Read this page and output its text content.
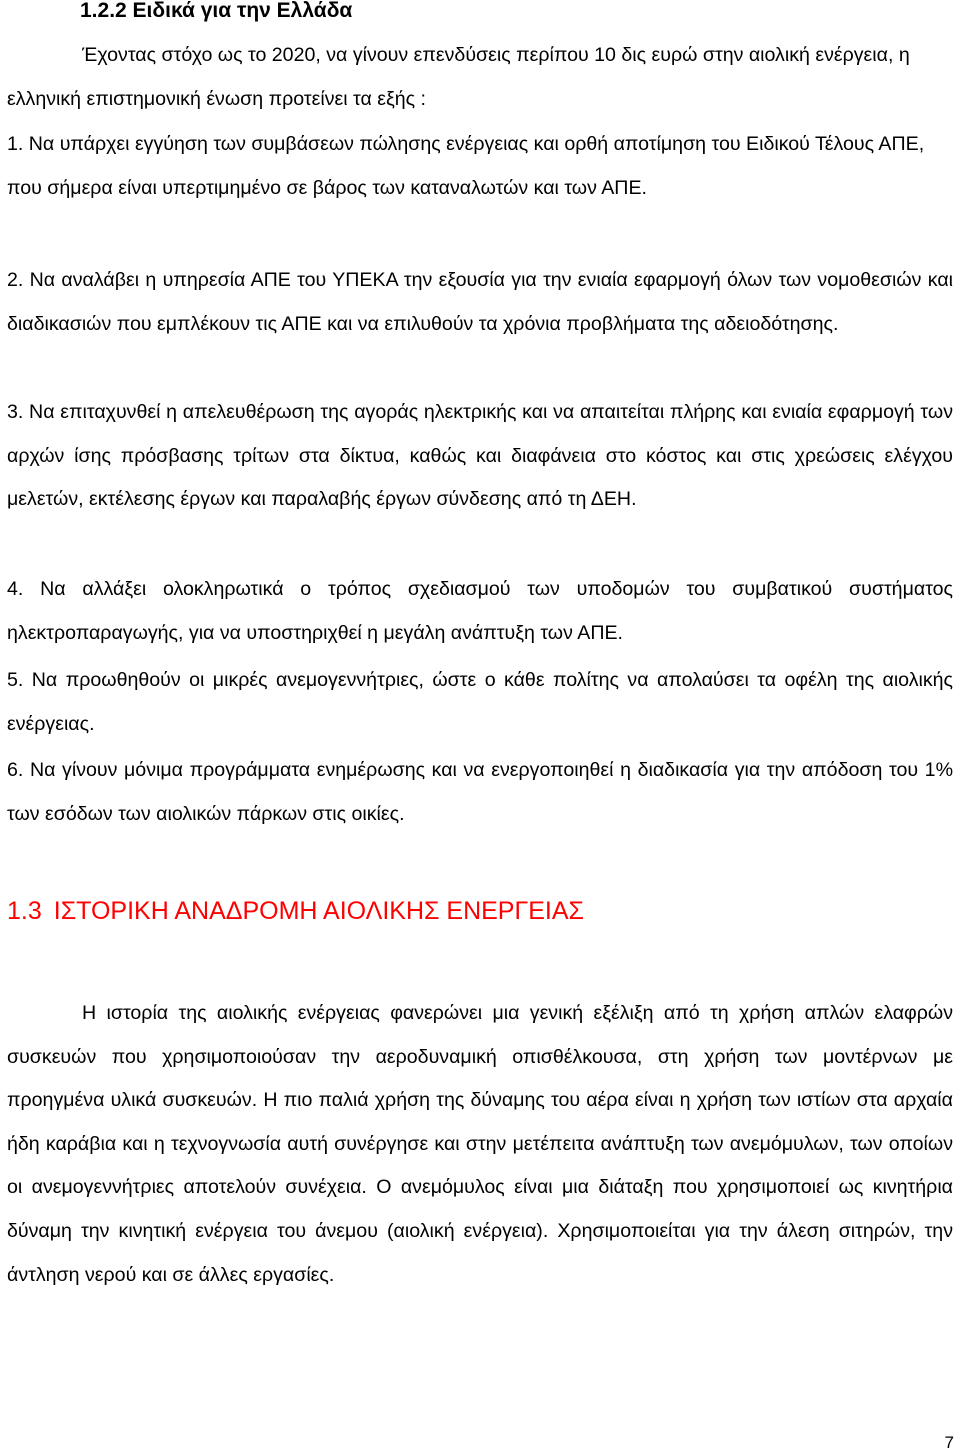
1.2.2 Ειδικά για την Ελλάδα

Έχοντας στόχο ως το 2020, να γίνουν επενδύσεις περίπου 10 δις ευρώ στην αιολική ενέργεια, η ελληνική επιστημονική ένωση προτείνει τα εξής :

1. Να υπάρχει εγγύηση των συμβάσεων πώλησης ενέργειας και ορθή αποτίμηση του Ειδικού Τέλους ΑΠΕ, που σήμερα είναι υπερτιμημένο σε βάρος των καταναλωτών και των ΑΠΕ.

2. Να αναλάβει η υπηρεσία ΑΠΕ του ΥΠΕΚΑ την εξουσία για την ενιαία εφαρμογή όλων των νομοθεσιών και διαδικασιών που εμπλέκουν τις ΑΠΕ και να επιλυθούν τα χρόνια προβλήματα της αδειοδότησης.

3. Να επιταχυνθεί η απελευθέρωση της αγοράς ηλεκτρικής και να απαιτείται πλήρης και ενιαία εφαρμογή των αρχών ίσης πρόσβασης τρίτων στα δίκτυα, καθώς και διαφάνεια στο κόστος και στις χρεώσεις ελέγχου μελετών, εκτέλεσης έργων και παραλαβής έργων σύνδεσης από τη ΔΕΗ.

4. Να αλλάξει ολοκληρωτικά ο τρόπος σχεδιασμού των υποδομών του συμβατικού συστήματος ηλεκτροπαραγωγής, για να υποστηριχθεί η μεγάλη ανάπτυξη των ΑΠΕ.

5. Να προωθηθούν οι μικρές ανεμογεννήτριες, ώστε ο κάθε πολίτης να απολαύσει τα οφέλη της αιολικής ενέργειας.

6. Να γίνουν μόνιμα προγράμματα ενημέρωσης και να ενεργοποιηθεί η διαδικασία για την απόδοση του 1% των εσόδων των αιολικών πάρκων στις οικίες.

1.3 ΙΣΤΟΡΙΚΗ ΑΝΑΔΡΟΜΗ ΑΙΟΛΙΚΗΣ ΕΝΕΡΓΕΙΑΣ

Η ιστορία της αιολικής ενέργειας φανερώνει μια γενική εξέλιξη από τη χρήση απλών ελαφρών συσκευών που χρησιμοποιούσαν την αεροδυναμική οπισθέλκουσα, στη χρήση των μοντέρνων με προηγμένα υλικά συσκευών. Η πιο παλιά χρήση της δύναμης του αέρα είναι η χρήση των ιστίων στα αρχαία ήδη καράβια και η τεχνογνωσία αυτή συνέργησε και στην μετέπειτα ανάπτυξη των ανεμόμυλων, των οποίων οι ανεμογεννήτριες αποτελούν συνέχεια. Ο ανεμόμυλος είναι μια διάταξη που χρησιμοποιεί ως κινητήρια δύναμη την κινητική ενέργεια του άνεμου (αιολική ενέργεια). Χρησιμοποιείται για την άλεση σιτηρών, την άντληση νερού και σε άλλες εργασίες.

7
